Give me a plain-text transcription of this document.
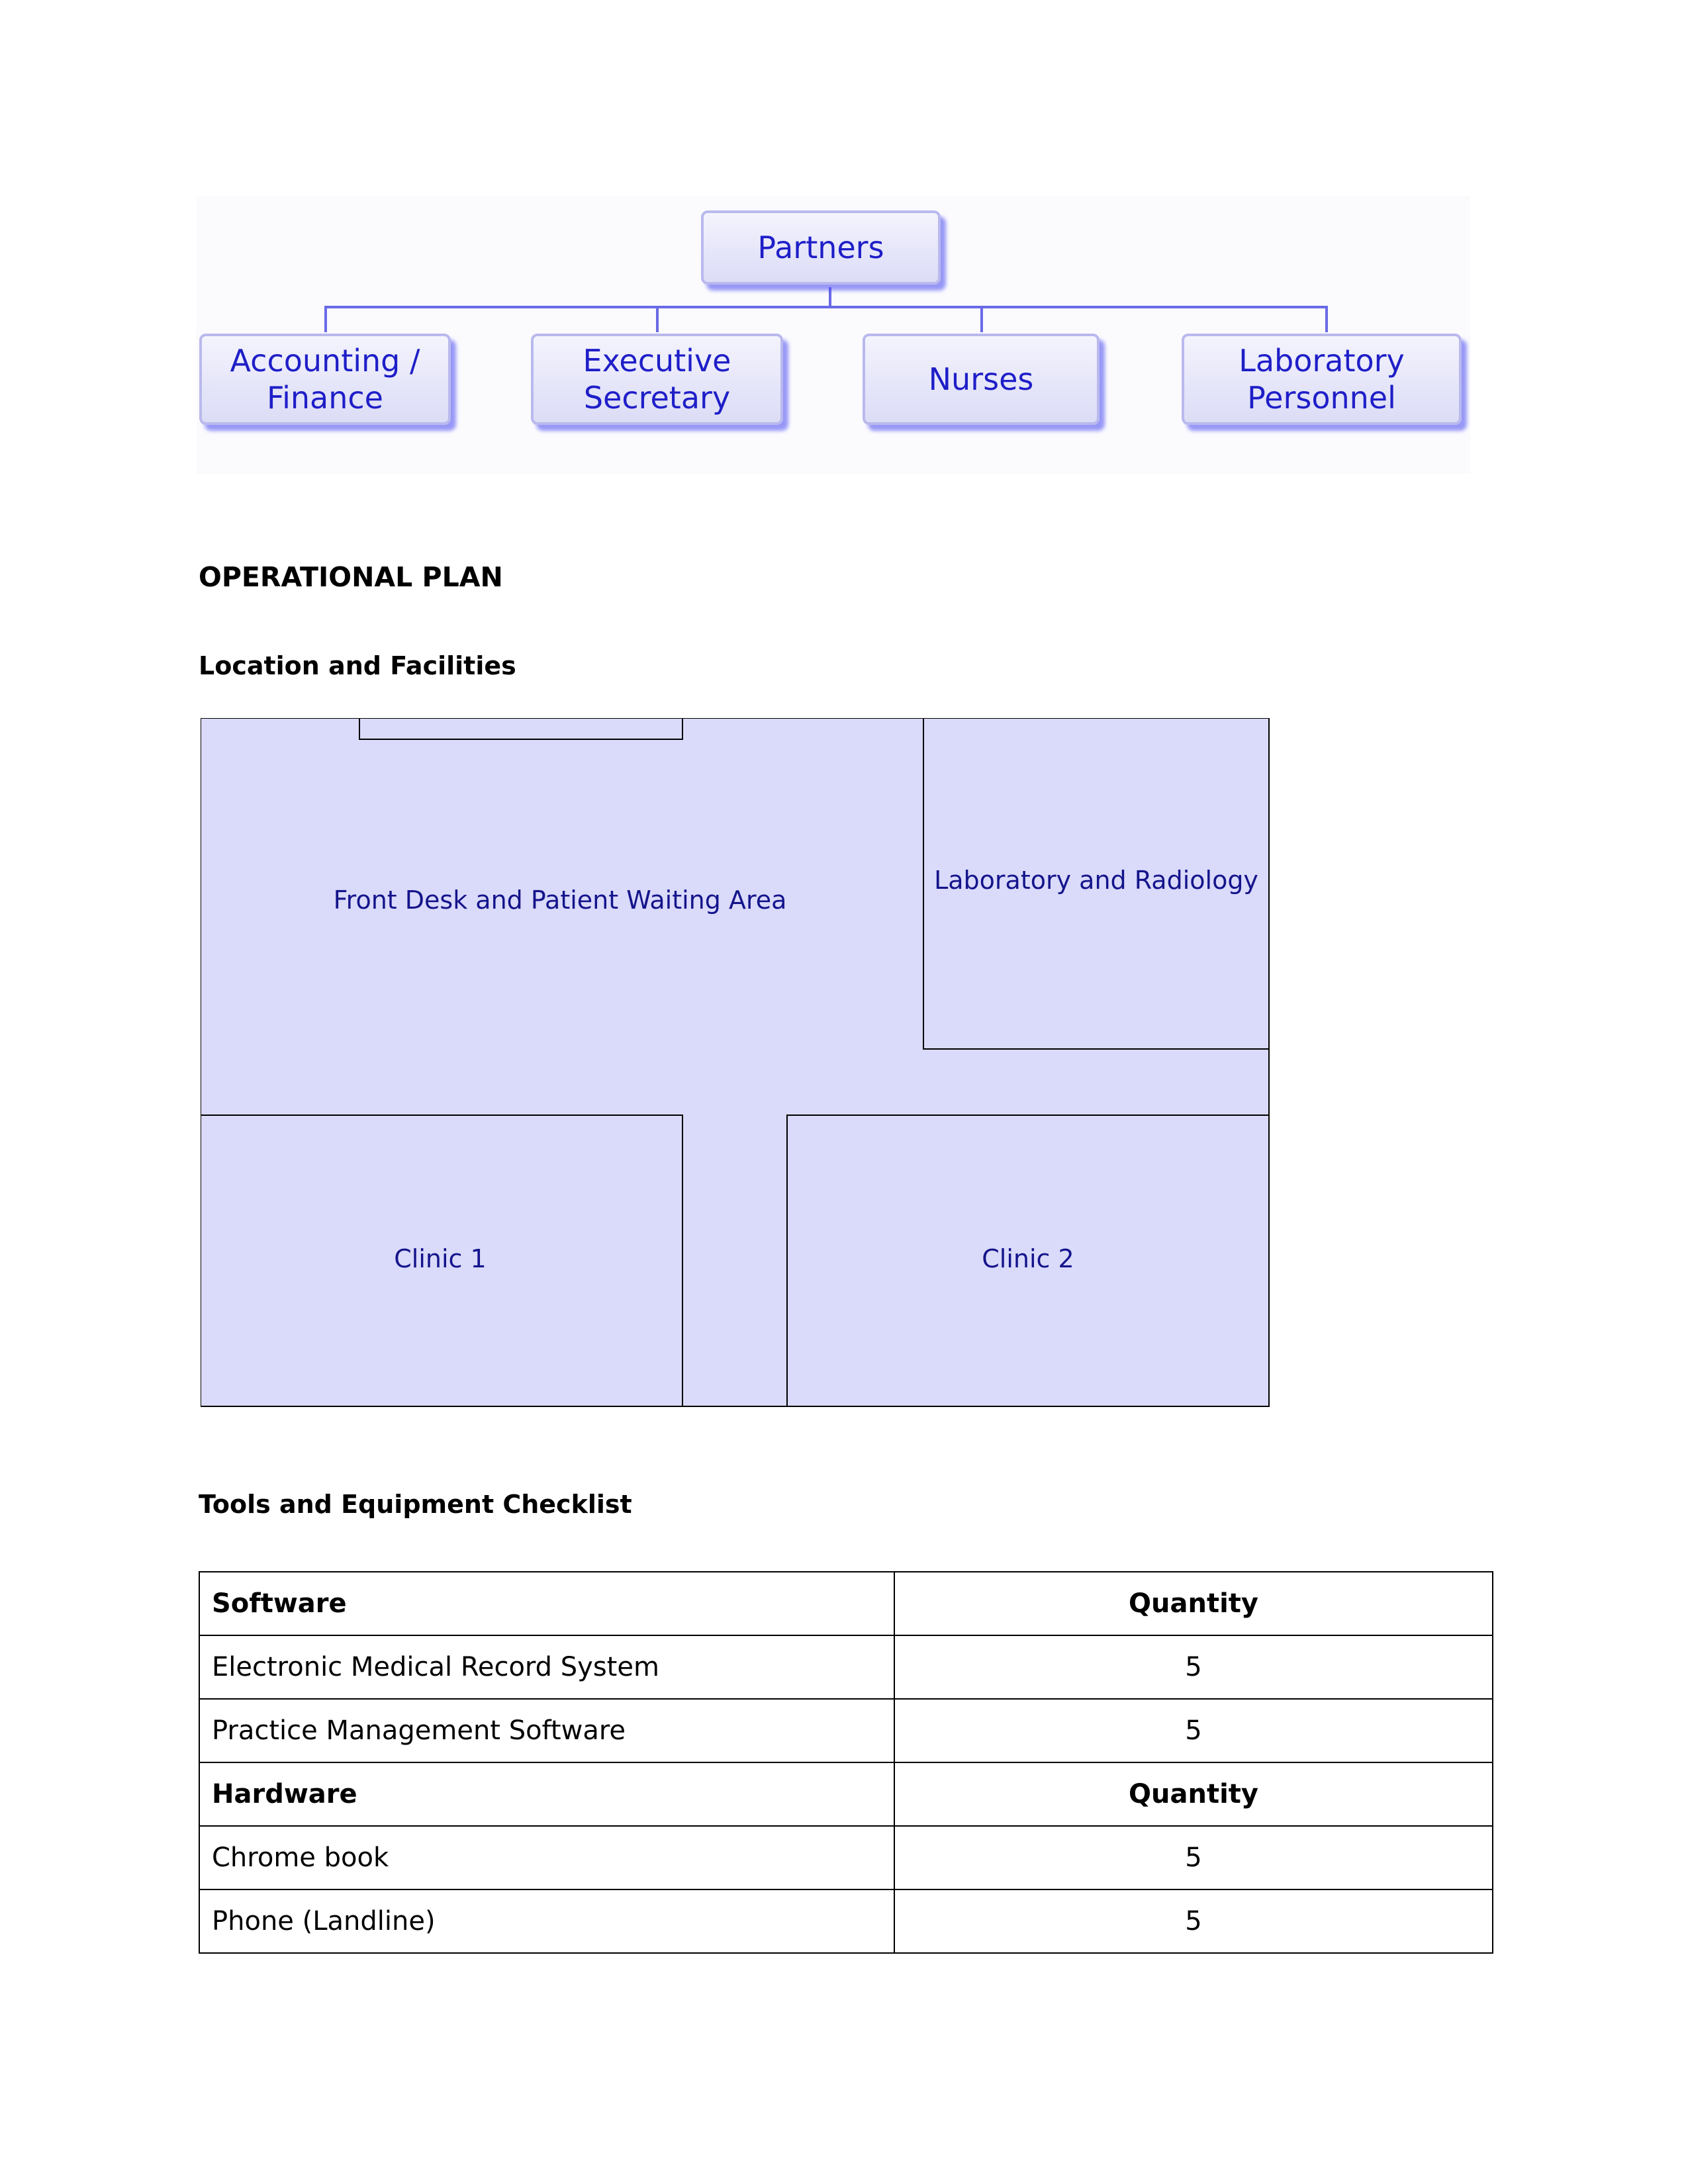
Partners
Accounting /
Finance
Executive
Secretary
Nurses
Laboratory
Personnel
OPERATIONAL PLAN
Location and Facilities
Front Desk and Patient Waiting Area
Laboratory and Radiology
Clinic 1	Clinic 2
Tools and Equipment Checklist
Software	Quantity
Electronic Medical Record System	5
Practice Management Software	5
Hardware	Quantity
Chrome book	5
Phone (Landline)	5
